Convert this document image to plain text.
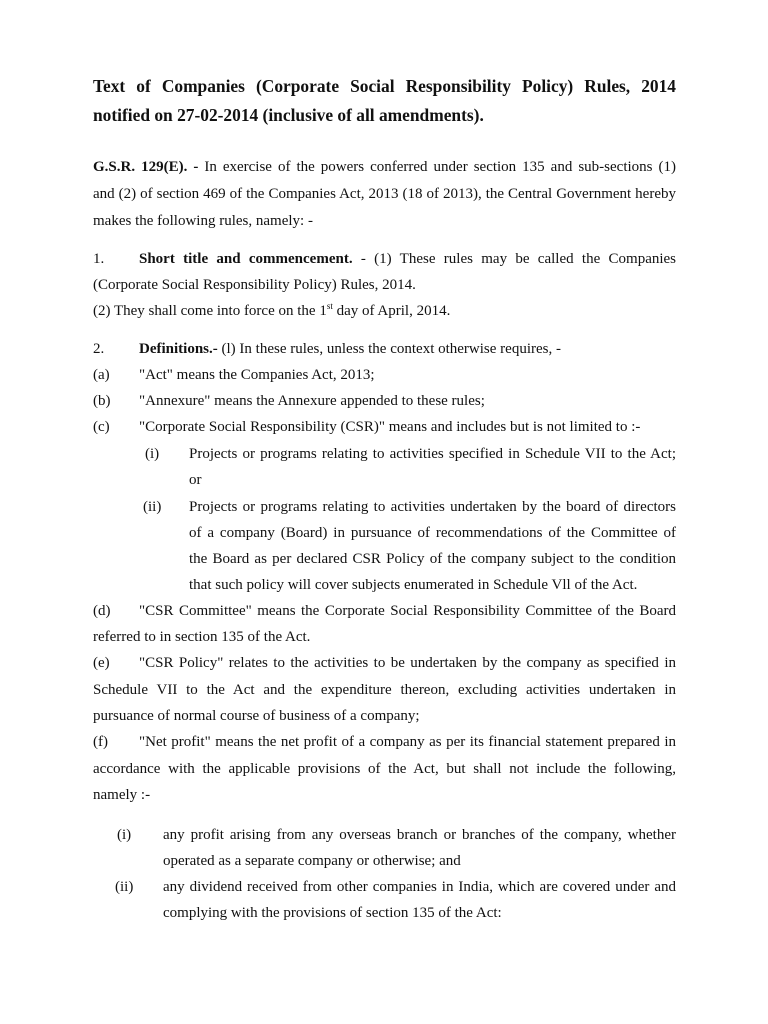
Text of Companies (Corporate Social Responsibility Policy) Rules, 2014
notified on 27-02-2014 (inclusive of all amendments).
G.S.R. 129(E). - In exercise of the powers conferred under section 135 and sub-sections (1)
and (2) of section 469 of the Companies Act, 2013 (18 of 2013), the Central Government hereby
makes the following rules, namely: -
1. Short title and commencement. - (1) These rules may be called the Companies
(Corporate Social Responsibility Policy) Rules, 2014.
(2) They shall come into force on the 1st day of April, 2014.
2. Definitions.- (l) In these rules, unless the context otherwise requires, -
(a) "Act" means the Companies Act, 2013;
(b) "Annexure" means the Annexure appended to these rules;
(c) "Corporate Social Responsibility (CSR)" means and includes but is not limited to :-
(i) Projects or programs relating to activities specified in Schedule VII to the Act;
or
(ii) Projects or programs relating to activities undertaken by the board of directors
of a company (Board) in pursuance of recommendations of the Committee of
the Board as per declared CSR Policy of the company subject to the condition
that such policy will cover subjects enumerated in Schedule Vll of the Act.
(d) "CSR Committee" means the Corporate Social Responsibility Committee of the Board
referred to in section 135 of the Act.
(e) "CSR Policy" relates to the activities to be undertaken by the company as specified in
Schedule VII to the Act and the expenditure thereon, excluding activities undertaken in
pursuance of normal course of business of a company;
(f) "Net profit" means the net profit of a company as per its financial statement prepared in
accordance with the applicable provisions of the Act, but shall not include the following,
namely :-
(i) any profit arising from any overseas branch or branches of the company, whether
operated as a separate company or otherwise; and
(ii) any dividend received from other companies in India, which are covered under and
complying with the provisions of section 135 of the Act:
